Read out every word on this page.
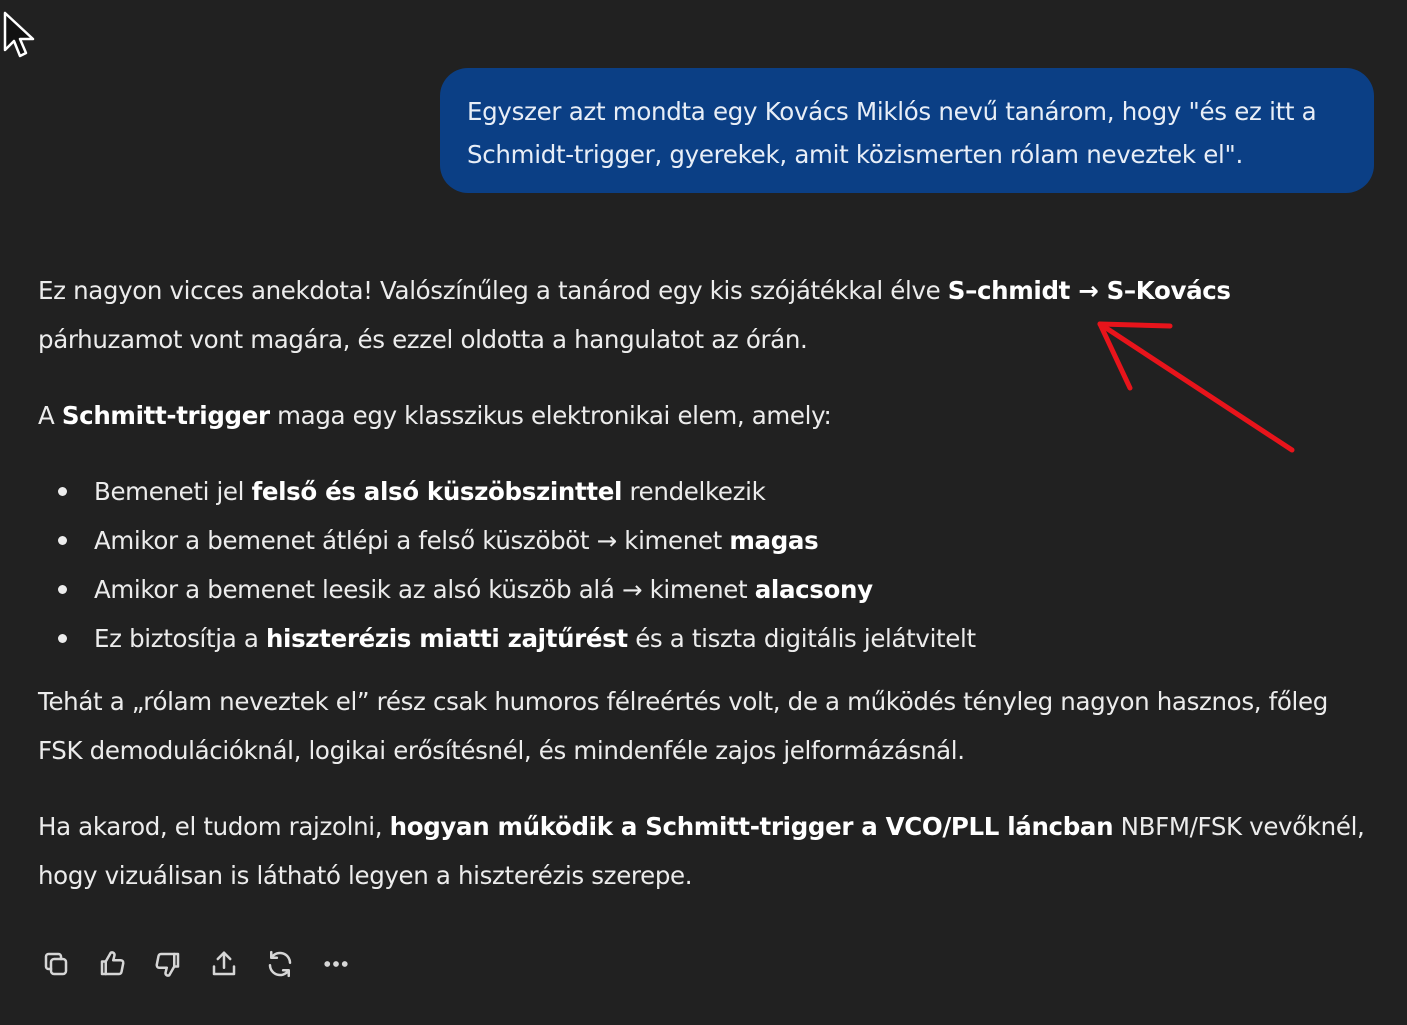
Egyszer azt mondta egy Kovács Miklós nevű tanárom, hogy "és ez itt a Schmidt-trigger, gyerekek, amit közismerten rólam neveztek el".

Ez nagyon vicces anekdota! Valószínűleg a tanárod egy kis szójátékkal élve S–chmidt → S–Kovács párhuzamot vont magára, és ezzel oldotta a hangulatot az órán.

A Schmitt-trigger maga egy klasszikus elektronikai elem, amely:

Bemeneti jel felső és alsó küszöbszinttel rendelkezik
Amikor a bemenet átlépi a felső küszöböt → kimenet magas
Amikor a bemenet leesik az alsó küszöb alá → kimenet alacsony
Ez biztosítja a hiszterézis miatti zajtűrést és a tiszta digitális jelátvitelt

Tehát a „rólam neveztek el” rész csak humoros félreértés volt, de a működés tényleg nagyon hasznos, főleg FSK demodulációknál, logikai erősítésnél, és mindenféle zajos jelformázásnál.

Ha akarod, el tudom rajzolni, hogyan működik a Schmitt-trigger a VCO/PLL láncban NBFM/FSK vevőknél, hogy vizuálisan is látható legyen a hiszterézis szerepe.
